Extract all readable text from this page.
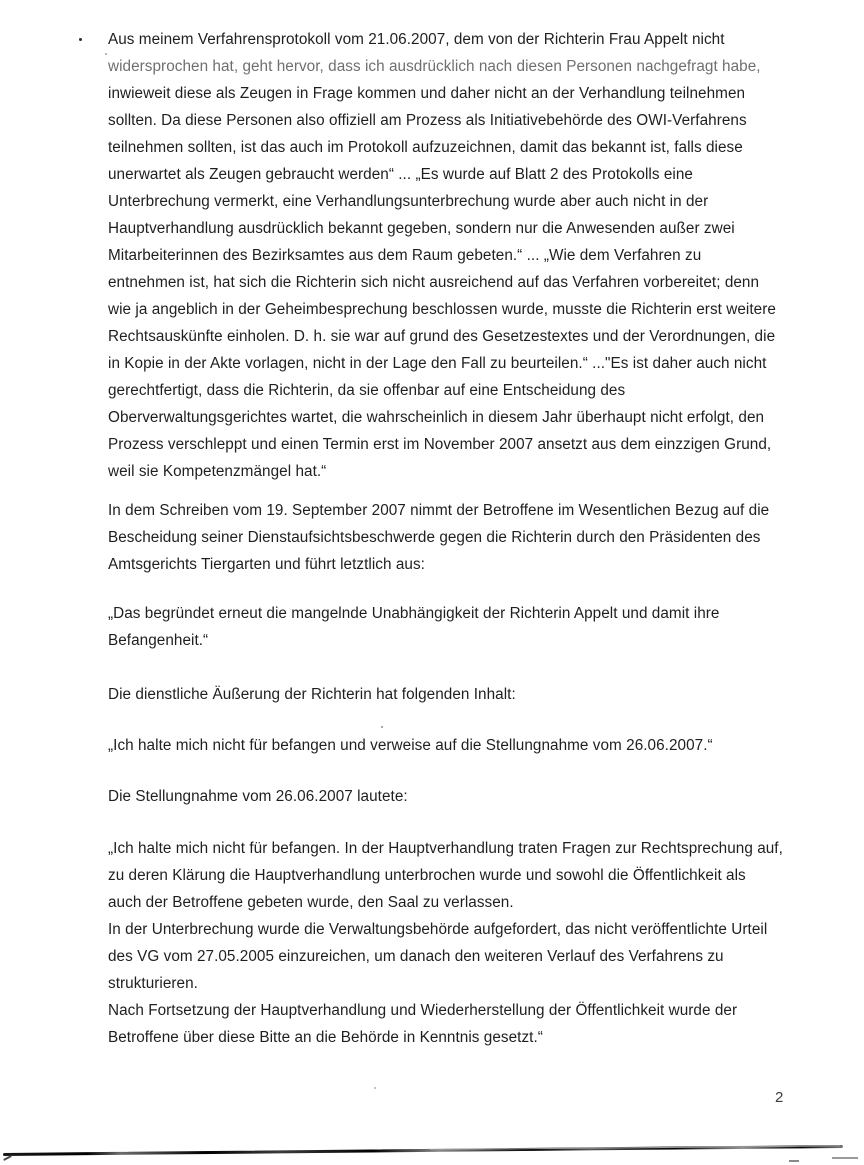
Aus meinem Verfahrensprotokoll vom 21.06.2007, dem von der Richterin Frau Appelt nicht
widersprochen hat, geht hervor, dass ich ausdrücklich nach diesen Personen nachgefragt habe,
inwieweit diese als Zeugen in Frage kommen und daher nicht an der Verhandlung teilnehmen
sollten. Da diese Personen also offiziell am Prozess als Initiativebehörde des OWI-Verfahrens
teilnehmen sollten, ist das auch im Protokoll aufzuzeichnen, damit das bekannt ist, falls diese
unerwartet als Zeugen gebraucht werden“ ... „Es wurde auf Blatt 2 des Protokolls eine
Unterbrechung vermerkt, eine Verhandlungsunterbrechung wurde aber auch nicht in der
Hauptverhandlung ausdrücklich bekannt gegeben, sondern nur die Anwesenden außer zwei
Mitarbeiterinnen des Bezirksamtes aus dem Raum gebeten.“ ... „Wie dem Verfahren zu
entnehmen ist, hat sich die Richterin sich nicht ausreichend auf das Verfahren vorbereitet; denn
wie ja angeblich in der Geheimbesprechung beschlossen wurde, musste die Richterin erst weitere
Rechtsauskünfte einholen. D. h. sie war auf grund des Gesetzestextes und der Verordnungen, die
in Kopie in der Akte vorlagen, nicht in der Lage den Fall zu beurteilen.“ ..."Es ist daher auch nicht
gerechtfertigt, dass die Richterin, da sie offenbar auf eine Entscheidung des
Oberverwaltungsgerichtes wartet, die wahrscheinlich in diesem Jahr überhaupt nicht erfolgt, den
Prozess verschleppt und einen Termin erst im November 2007 ansetzt aus dem einzzigen Grund,
weil sie Kompetenzmängel hat.“
In dem Schreiben vom 19. September 2007 nimmt der Betroffene im Wesentlichen Bezug auf die
Bescheidung seiner Dienstaufsichtsbeschwerde gegen die Richterin durch den Präsidenten des
Amtsgerichts Tiergarten und führt letztlich aus:
„Das begründet erneut die mangelnde Unabhängigkeit der Richterin Appelt und damit ihre
Befangenheit.“
Die dienstliche Äußerung der Richterin hat folgenden Inhalt:
„Ich halte mich nicht für befangen und verweise auf die Stellungnahme vom 26.06.2007.“
Die Stellungnahme vom 26.06.2007 lautete:
„Ich halte mich nicht für befangen. In der Hauptverhandlung traten Fragen zur Rechtsprechung auf,
zu deren Klärung die Hauptverhandlung unterbrochen wurde und sowohl die Öffentlichkeit als
auch der Betroffene gebeten wurde, den Saal zu verlassen.
In der Unterbrechung wurde die Verwaltungsbehörde aufgefordert, das nicht veröffentlichte Urteil
des VG vom 27.05.2005 einzureichen, um danach den weiteren Verlauf des Verfahrens zu
strukturieren.
Nach Fortsetzung der Hauptverhandlung und Wiederherstellung der Öffentlichkeit wurde der
Betroffene über diese Bitte an die Behörde in Kenntnis gesetzt.“
2
